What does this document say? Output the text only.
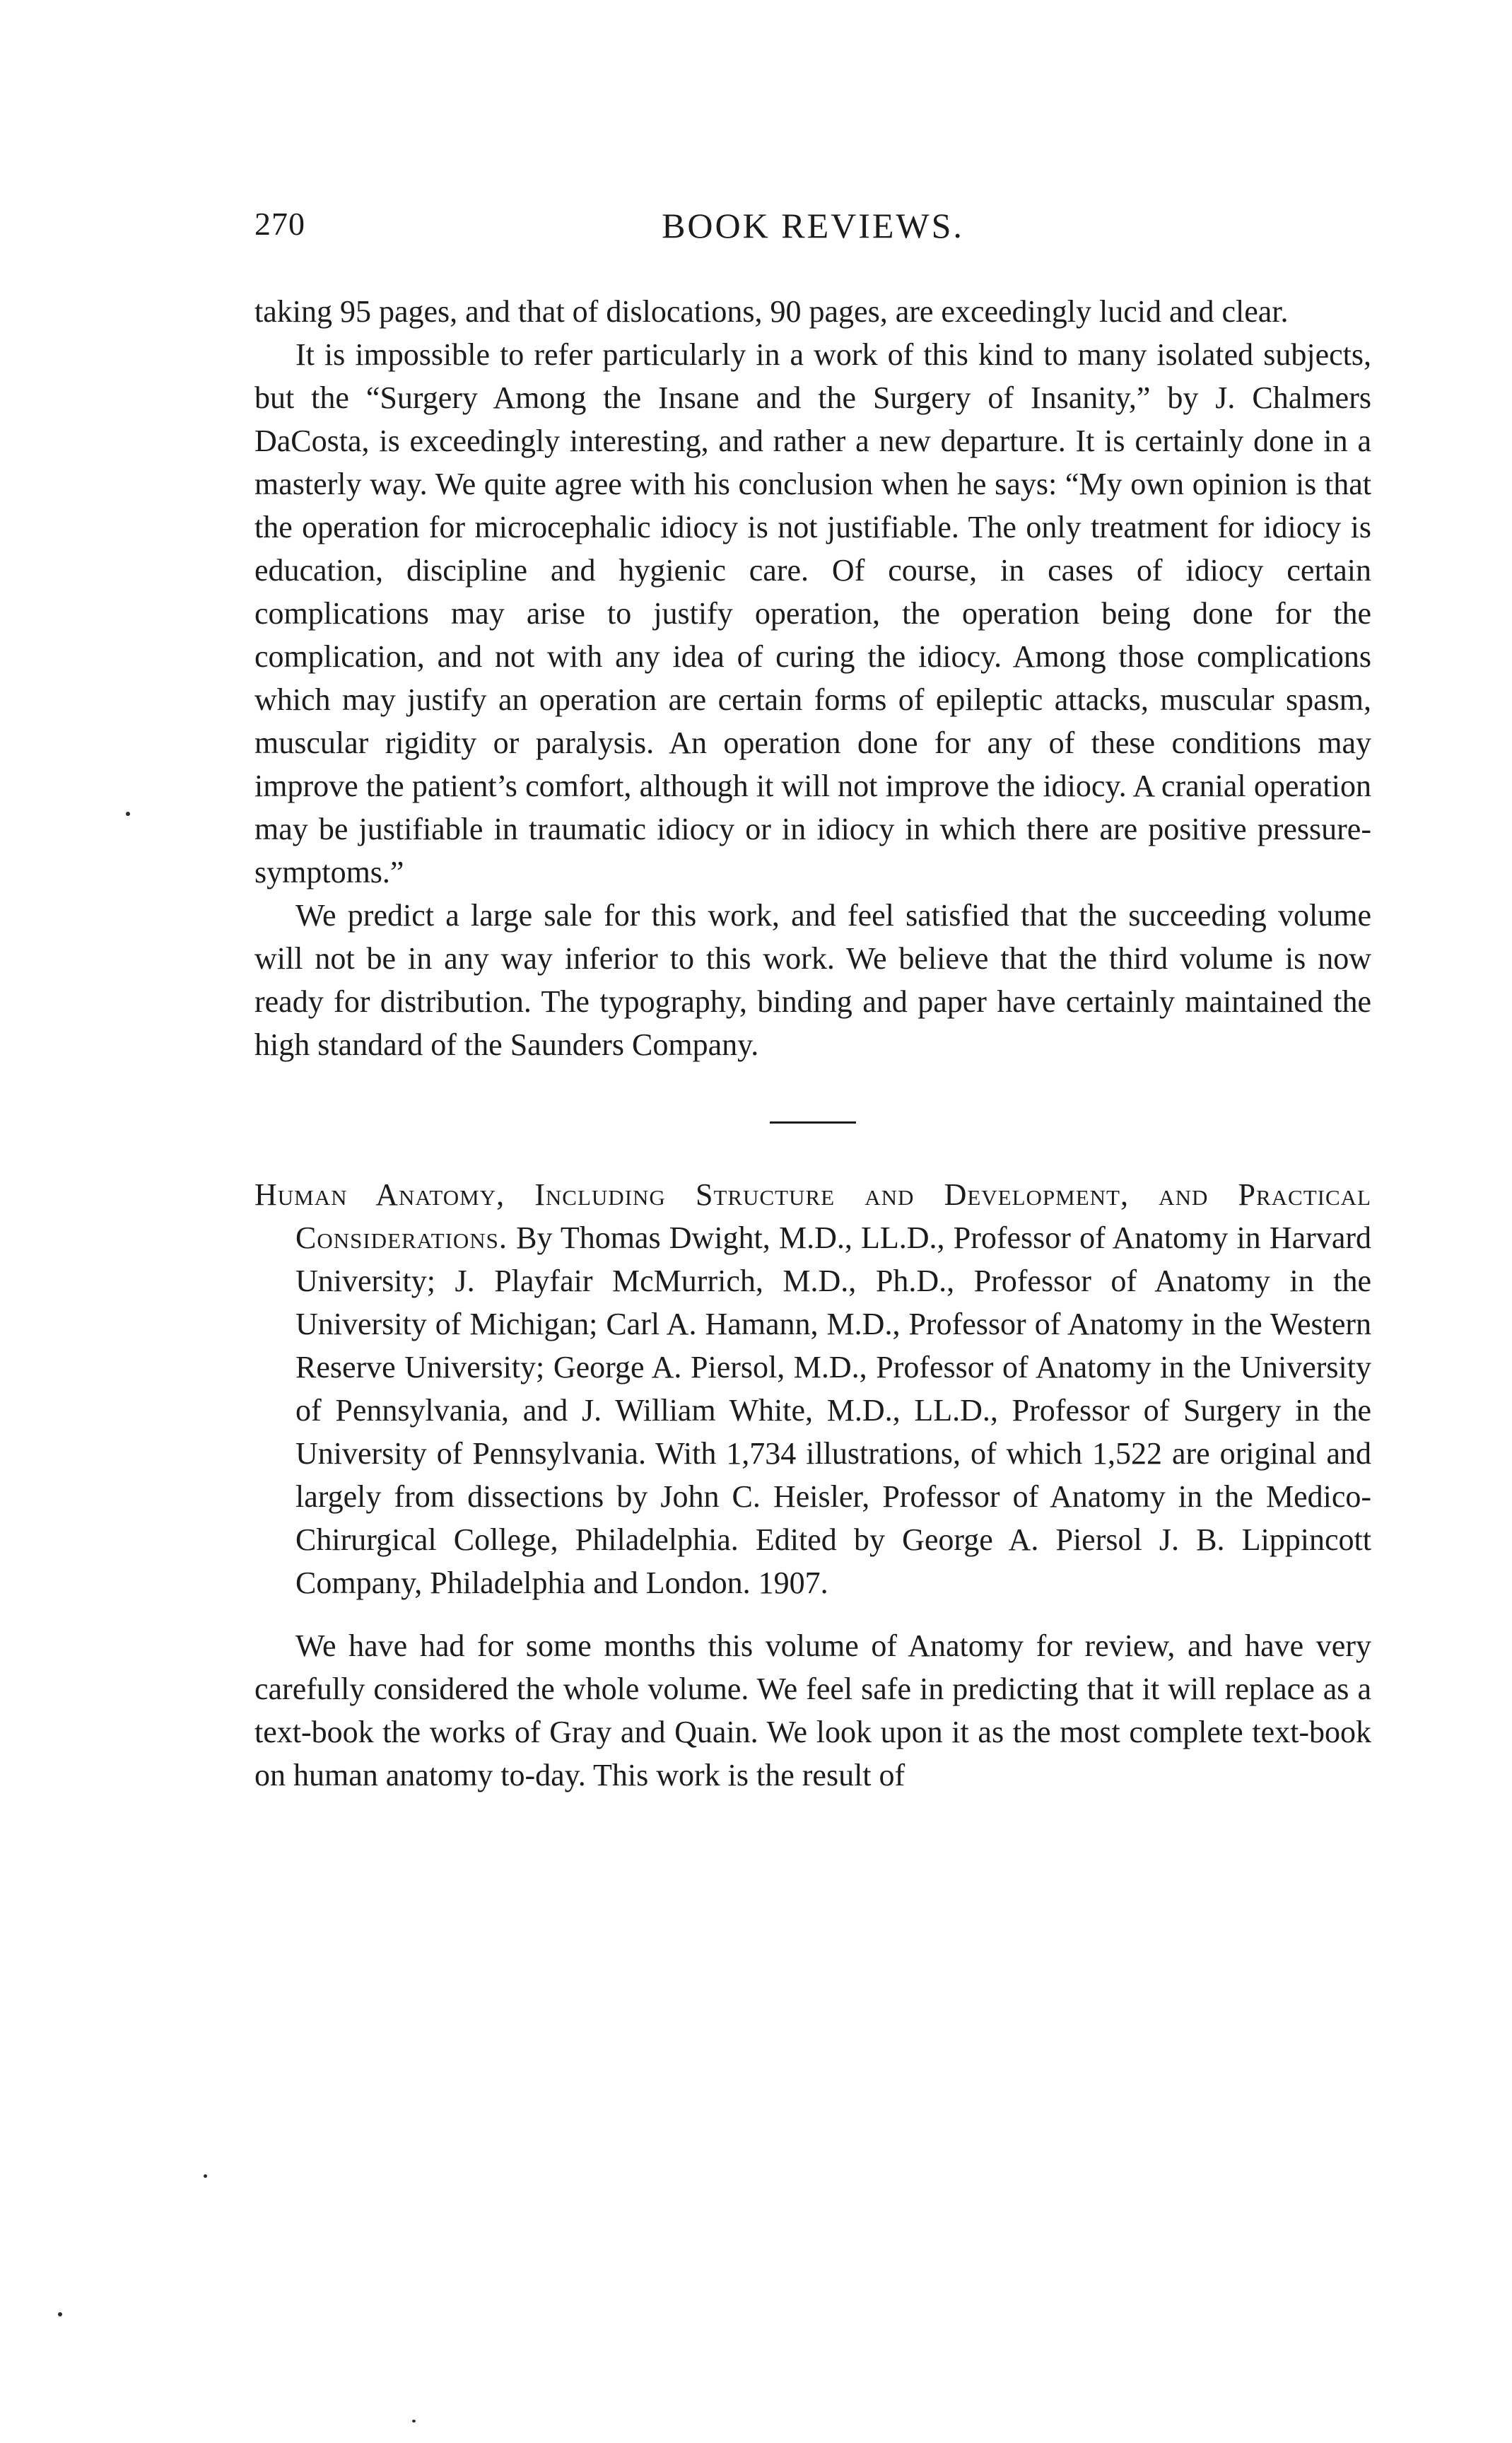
270	BOOK REVIEWS.

taking 95 pages, and that of dislocations, 90 pages, are exceedingly lucid and clear.

It is impossible to refer particularly in a work of this kind to many isolated subjects, but the “Surgery Among the Insane and the Surgery of Insanity,” by J. Chalmers DaCosta, is exceedingly interesting, and rather a new departure. It is certainly done in a masterly way. We quite agree with his conclusion when he says: “My own opinion is that the operation for microcephalic idiocy is not justifiable. The only treatment for idiocy is education, discipline and hygienic care. Of course, in cases of idiocy certain complications may arise to justify operation, the operation being done for the complication, and not with any idea of curing the idiocy. Among those complications which may justify an operation are certain forms of epileptic attacks, muscular spasm, muscular rigidity or paralysis. An operation done for any of these conditions may improve the patient’s comfort, although it will not improve the idiocy. A cranial operation may be justifiable in traumatic idiocy or in idiocy in which there are positive pressure-symptoms.”

We predict a large sale for this work, and feel satisfied that the succeeding volume will not be in any way inferior to this work. We believe that the third volume is now ready for distribution. The typography, binding and paper have certainly maintained the high standard of the Saunders Company.

Human Anatomy, Including Structure and Development, and Practical Considerations. By Thomas Dwight, M.D., LL.D., Professor of Anatomy in Harvard University; J. Playfair McMurrich, M.D., Ph.D., Professor of Anatomy in the University of Michigan; Carl A. Hamann, M.D., Professor of Anatomy in the Western Reserve University; George A. Piersol, M.D., Professor of Anatomy in the University of Pennsylvania, and J. William White, M.D., LL.D., Professor of Surgery in the University of Pennsylvania. With 1,734 illustrations, of which 1,522 are original and largely from dissections by John C. Heisler, Professor of Anatomy in the Medico-Chirurgical College, Philadelphia. Edited by George A. Piersol J. B. Lippincott Company, Philadelphia and London. 1907.

We have had for some months this volume of Anatomy for review, and have very carefully considered the whole volume. We feel safe in predicting that it will replace as a text-book the works of Gray and Quain. We look upon it as the most complete text-book on human anatomy to-day. This work is the result of
